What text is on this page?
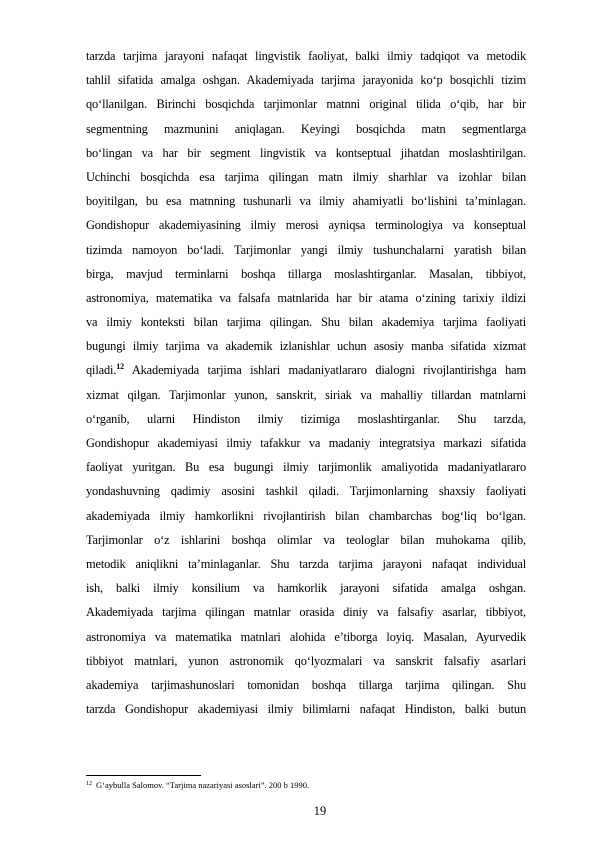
tarzda tarjima jarayoni nafaqat lingvistik faoliyat, balki ilmiy tadqiqot va metodik
tahlil sifatida amalga oshgan. Akademiyada tarjima jarayonida ko‘p bosqichli tizim
qo‘llanilgan. Birinchi bosqichda tarjimonlar matnni original tilida o‘qib, har bir
segmentning mazmunini aniqlagan. Keyingi bosqichda matn segmentlarga
bo‘lingan va har bir segment lingvistik va kontseptual jihatdan moslashtirilgan.
Uchinchi bosqichda esa tarjima qilingan matn ilmiy sharhlar va izohlar bilan
boyitilgan, bu esa matnning tushunarli va ilmiy ahamiyatli bo‘lishini ta’minlagan.
Gondishopur akademiyasining ilmiy merosi ayniqsa terminologiya va konseptual
tizimda namoyon bo‘ladi. Tarjimonlar yangi ilmiy tushunchalarni yaratish bilan
birga, mavjud terminlarni boshqa tillarga moslashtirganlar. Masalan, tibbiyot,
astronomiya, matematika va falsafa matnlarida har bir atama o‘zining tarixiy ildizi
va ilmiy konteksti bilan tarjima qilingan. Shu bilan akademiya tarjima faoliyati
bugungi ilmiy tarjima va akademik izlanishlar uchun asosiy manba sifatida xizmat
qiladi.$^{12}$ Akademiyada tarjima ishlari madaniyatlararo dialogni rivojlantirishga ham
xizmat qilgan. Tarjimonlar yunon, sanskrit, siriak va mahalliy tillardan matnlarni
o‘rganib, ularni Hindiston ilmiy tizimiga moslashtirganlar. Shu tarzda,
Gondishopur akademiyasi ilmiy tafakkur va madaniy integratsiya markazi sifatida
faoliyat yuritgan. Bu esa bugungi ilmiy tarjimonlik amaliyotida madaniyatlararo
yondashuvning qadimiy asosini tashkil qiladi. Tarjimonlarning shaxsiy faoliyati
akademiyada ilmiy hamkorlikni rivojlantirish bilan chambarchas bog‘liq bo‘lgan.
Tarjimonlar o‘z ishlarini boshqa olimlar va teologlar bilan muhokama qilib,
metodik aniqlikni ta’minlaganlar. Shu tarzda tarjima jarayoni nafaqat individual
ish, balki ilmiy konsilium va hamkorlik jarayoni sifatida amalga oshgan.
Akademiyada tarjima qilingan matnlar orasida diniy va falsafiy asarlar, tibbiyot,
astronomiya va matematika matnlari alohida e’tiborga loyiq. Masalan, Ayurvedik
tibbiyot matnlari, yunon astronomik qo‘lyozmalari va sanskrit falsafiy asarlari
akademiya tarjimashunoslari tomonidan boshqa tillarga tarjima qilingan. Shu
tarzda Gondishopur akademiyasi ilmiy bilimlarni nafaqat Hindiston, balki butun
$^{12}$ G‘aybulla Salomov. “Tarjima nazariyasi asoslari”. 200 b 1990.
19
